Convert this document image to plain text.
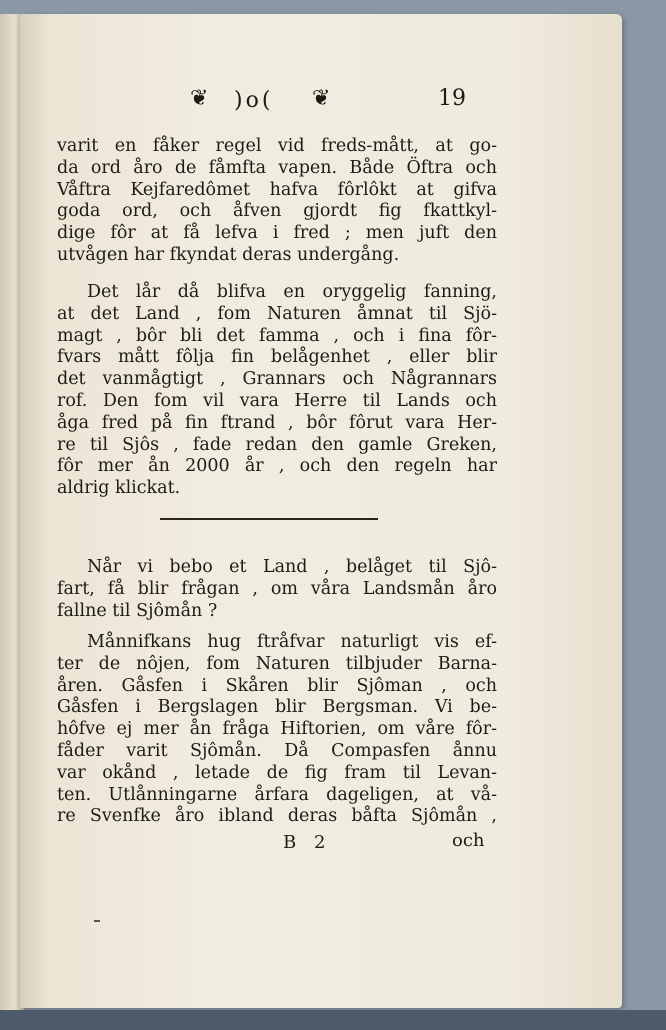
❦ )o( ❦	19
varit en fåker regel vid freds-mått, at go-
da ord åro de fåmfta vapen. Både Öftra och
Våftra Kejfaredômet hafva fôrlôkt at gifva
goda ord, och åfven gjordt fig fkattkyl-
dige fôr at få lefva i fred ; men juft den
utvågen har fkyndat deras undergång.
Det lår då blifva en oryggelig fanning,
at det Land , fom Naturen åmnat til Sjö-
magt , bôr bli det famma , och i fina fôr-
fvars mått fôlja fin belågenhet , eller blir
det vanmågtigt , Grannars och Någrannars
rof. Den fom vil vara Herre til Lands och
åga fred på fin ftrand , bôr fôrut vara Her-
re til Sjôs , fade redan den gamle Greken,
fôr mer ån 2000 år , och den regeln har
aldrig klickat.
Når vi bebo et Land , belåget til Sjô-
fart, få blir frågan , om våra Landsmån åro
fallne til Sjômån ?
Månnifkans hug ftråfvar naturligt vis ef-
ter de nôjen, fom Naturen tilbjuder Barna-
åren. Gåsfen i Skåren blir Sjôman , och
Gåsfen i Bergslagen blir Bergsman. Vi be-
hôfve ej mer ån fråga Hiftorien, om våre fôr-
fåder varit Sjômån. Då Compasfen ånnu
var okånd , letade de fig fram til Levan-
ten. Utlånningarne årfara dageligen, at vå-
re Svenfke åro ibland deras båfta Sjômån ,
B 2	och
